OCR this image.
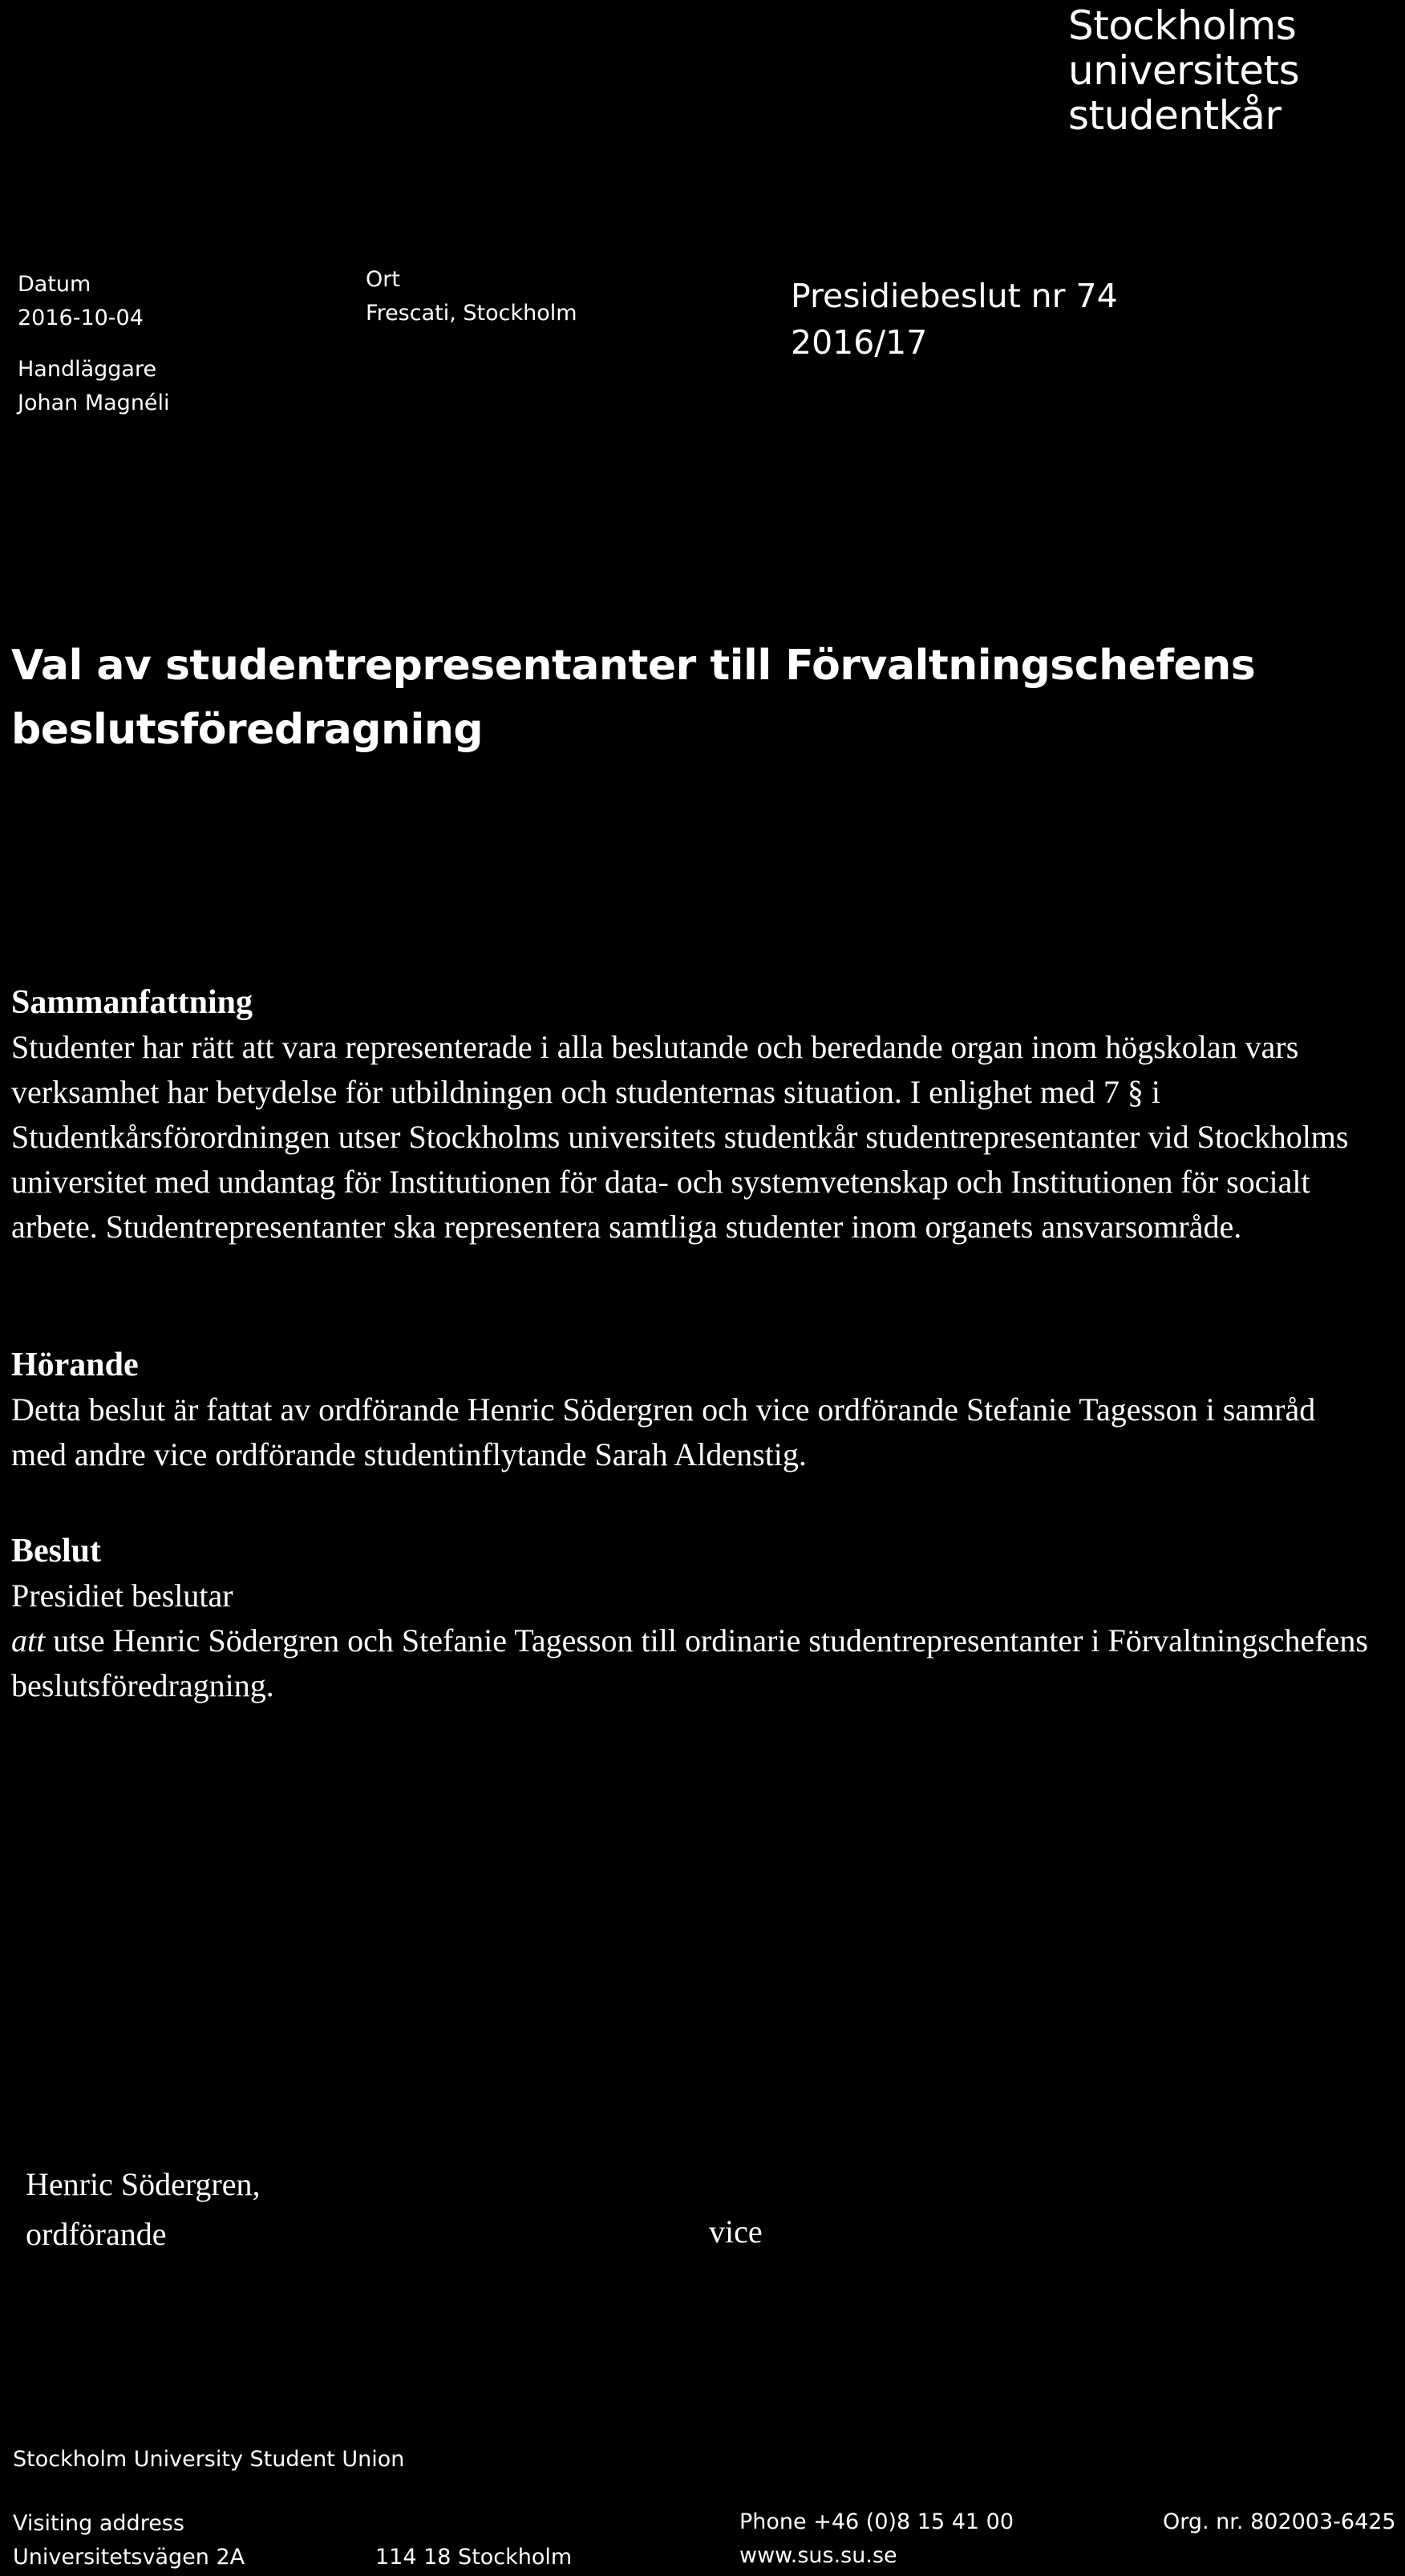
Stockholms
universitets
studentkår
Datum
2016-10-04
Handläggare
Johan Magnéli
Ort
Frescati, Stockholm	Presidiebeslut nr 74
2016/17
Val av studentrepresentanter till Förvaltningschefens beslutsföredragning
Sammanfattning

Studenter har rätt att vara representerade i alla beslutande och beredande organ inom högskolan vars verksamhet har betydelse för utbildningen och studenternas situation. I enlighet med 7 § i Studentkårsförordningen utser Stockholms universitets studentkår studentrepresentanter vid Stockholms universitet med undantag för Institutionen för data- och systemvetenskap och Institutionen för socialt arbete. Studentrepresentanter ska representera samtliga studenter inom organets ansvarsområde.

Hörande

Detta beslut är fattat av ordförande Henric Södergren och vice ordförande Stefanie Tagesson i samråd med andre vice ordförande studentinflytande Sarah Aldenstig.

Beslut

Presidiet beslutar

att utse Henric Södergren och Stefanie Tagesson till ordinarie studentrepresentanter i Förvaltningschefens beslutsföredragning.

Henric Södergren,
ordförande	vice
Stockholm University Student Union
Visiting address
Universitetsvägen 2A	114 18 Stockholm
Phone +46 (0)8 15 41 00
www.sus.su.se
Org. nr. 802003-6425
